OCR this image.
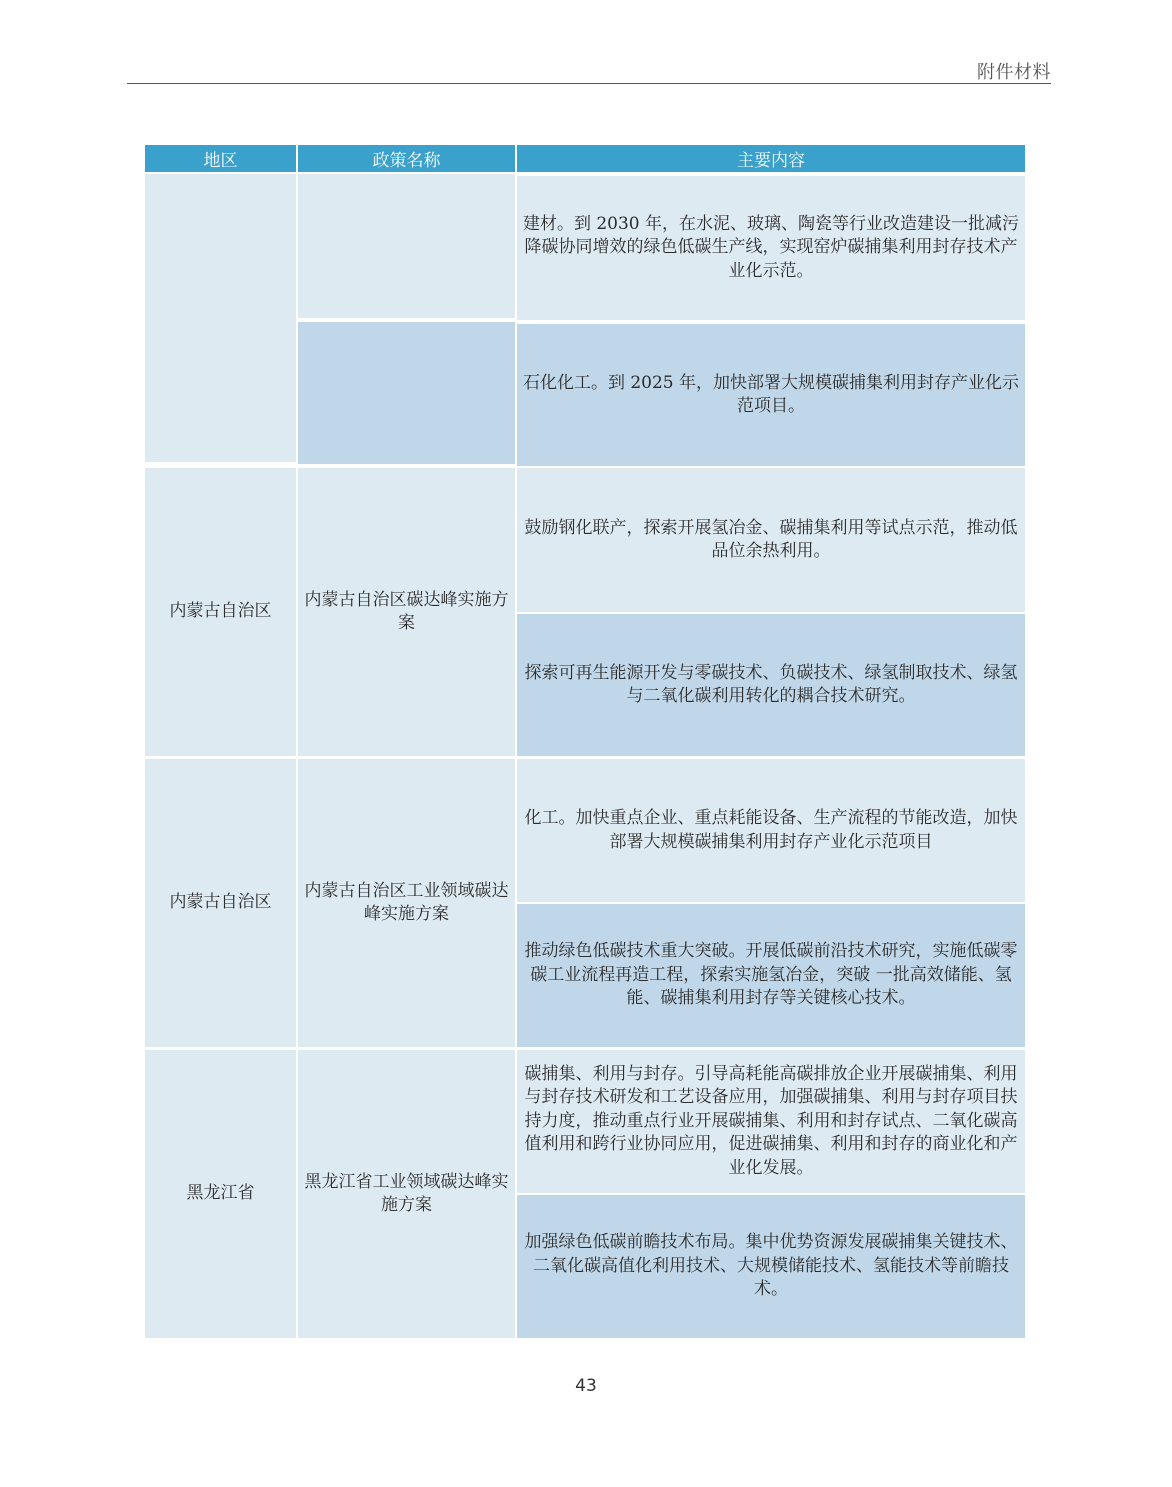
附件材料
地区	政策名称	主要内容
建材。到 2030 年，在水泥、玻璃、陶瓷等行业改造建设一批减污降碳协同增效的绿色低碳生产线，实现窑炉碳捕集利用封存技术产业化示范。
石化化工。到 2025 年，加快部署大规模碳捕集利用封存产业化示范项目。
内蒙古自治区
内蒙古自治区碳达峰实施方案
鼓励钢化联产，探索开展氢冶金、碳捕集利用等试点示范，推动低品位余热利用。
探索可再生能源开发与零碳技术、负碳技术、绿氢制取技术、绿氢与二氧化碳利用转化的耦合技术研究。
内蒙古自治区
内蒙古自治区工业领域碳达峰实施方案
化工。加快重点企业、重点耗能设备、生产流程的节能改造，加快部署大规模碳捕集利用封存产业化示范项目
推动绿色低碳技术重大突破。开展低碳前沿技术研究，实施低碳零碳工业流程再造工程，探索实施氢冶金，突破 一批高效储能、氢能、碳捕集利用封存等关键核心技术。
黑龙江省
黑龙江省工业领域碳达峰实施方案
碳捕集、利用与封存。引导高耗能高碳排放企业开展碳捕集、利用与封存技术研发和工艺设备应用，加强碳捕集、利用与封存项目扶持力度，推动重点行业开展碳捕集、利用和封存试点、二氧化碳高值利用和跨行业协同应用，促进碳捕集、利用和封存的商业化和产业化发展。
加强绿色低碳前瞻技术布局。集中优势资源发展碳捕集关键技术、二氧化碳高值化利用技术、大规模储能技术、氢能技术等前瞻技术。
43
